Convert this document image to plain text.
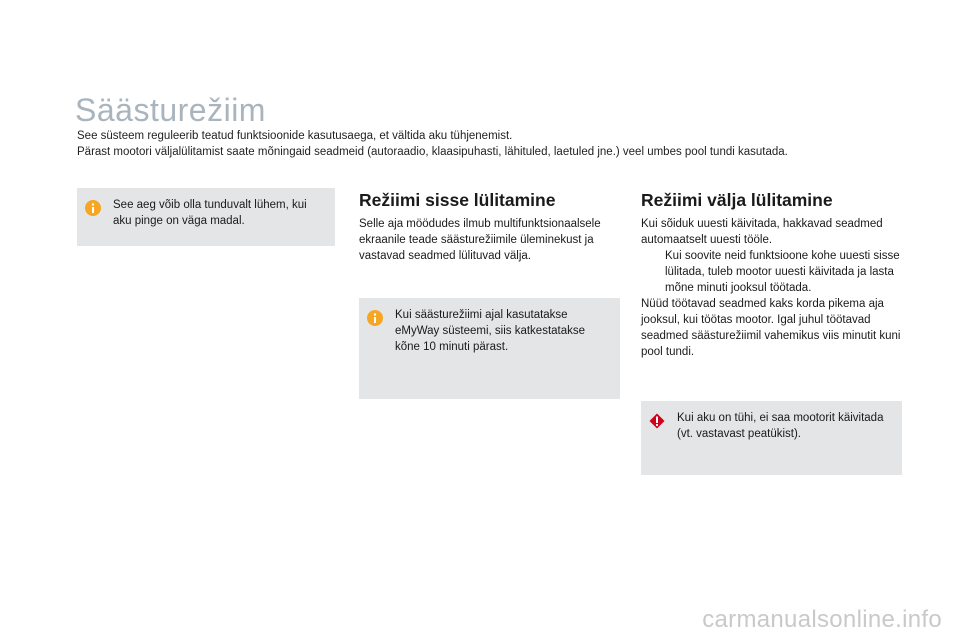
Säästurežiim
See süsteem reguleerib teatud funktsioonide kasutusaega, et vältida aku tühjenemist.
Pärast mootori väljalülitamist saate mõningaid seadmeid (autoraadio, klaasipuhasti, lähituled, laetuled jne.) veel umbes pool tundi kasutada.
See aeg võib olla tunduvalt lühem, kui aku pinge on väga madal.
Režiimi sisse lülitamine
Selle aja möödudes ilmub multifunktsionaalsele ekraanile teade säästurežiimile üleminekust ja vastavad seadmed lülituvad välja.
Kui säästurežiimi ajal kasutatakse eMyWay süsteemi, siis katkestatakse kõne 10 minuti pärast.
Režiimi välja lülitamine

Kui sõiduk uuesti käivitada, hakkavad seadmed automaatselt uuesti tööle.

Kui soovite neid funktsioone kohe uuesti sisse lülitada, tuleb mootor uuesti käivitada ja lasta mõne minuti jooksul töötada.

Nüüd töötavad seadmed kaks korda pikema aja jooksul, kui töötas mootor. Igal juhul töötavad seadmed säästurežiimil vahemikus viis minutit kuni pool tundi.

Kui aku on tühi, ei saa mootorit käivitada (vt. vastavast peatükist).
carmanualsonline.info
